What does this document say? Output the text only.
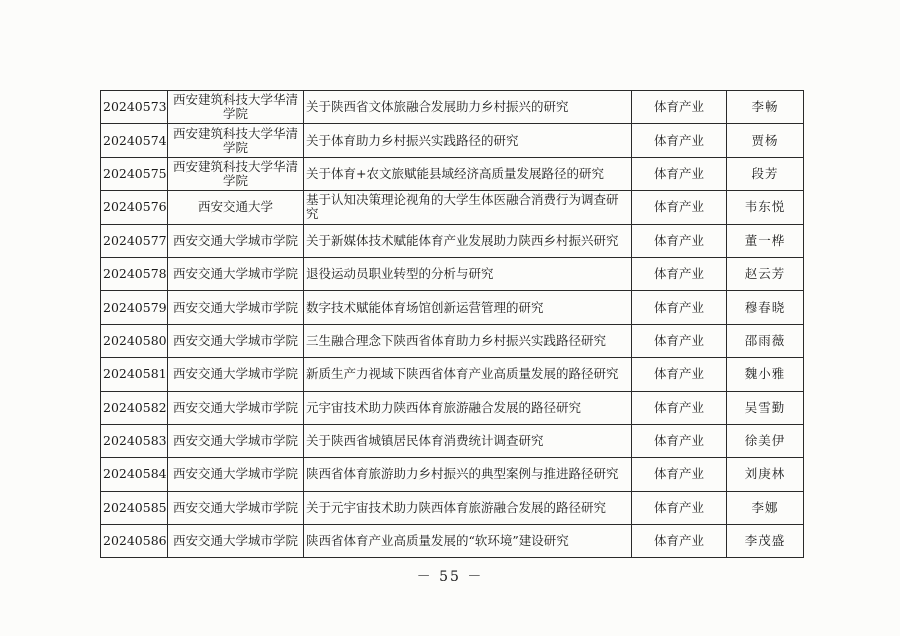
20240573	西安建筑科技大学华清学院	关于陕西省文体旅融合发展助力乡村振兴的研究	体育产业	李畅
20240574	西安建筑科技大学华清学院	关于体育助力乡村振兴实践路径的研究	体育产业	贾杨
20240575	西安建筑科技大学华清学院	关于体育+农文旅赋能县域经济高质量发展路径的研究	体育产业	段芳
20240576	西安交通大学	基于认知决策理论视角的大学生体医融合消费行为调查研究	体育产业	韦东悦
20240577	西安交通大学城市学院	关于新媒体技术赋能体育产业发展助力陕西乡村振兴研究	体育产业	董一桦
20240578	西安交通大学城市学院	退役运动员职业转型的分析与研究	体育产业	赵云芳
20240579	西安交通大学城市学院	数字技术赋能体育场馆创新运营管理的研究	体育产业	穆春晓
20240580	西安交通大学城市学院	三生融合理念下陕西省体育助力乡村振兴实践路径研究	体育产业	邵雨薇
20240581	西安交通大学城市学院	新质生产力视域下陕西省体育产业高质量发展的路径研究	体育产业	魏小雅
20240582	西安交通大学城市学院	元宇宙技术助力陕西体育旅游融合发展的路径研究	体育产业	吴雪勤
20240583	西安交通大学城市学院	关于陕西省城镇居民体育消费统计调查研究	体育产业	徐美伊
20240584	西安交通大学城市学院	陕西省体育旅游助力乡村振兴的典型案例与推进路径研究	体育产业	刘庚林
20240585	西安交通大学城市学院	关于元宇宙技术助力陕西体育旅游融合发展的路径研究	体育产业	李娜
20240586	西安交通大学城市学院	陕西省体育产业高质量发展的“软环境”建设研究	体育产业	李茂盛
－ 55 －
